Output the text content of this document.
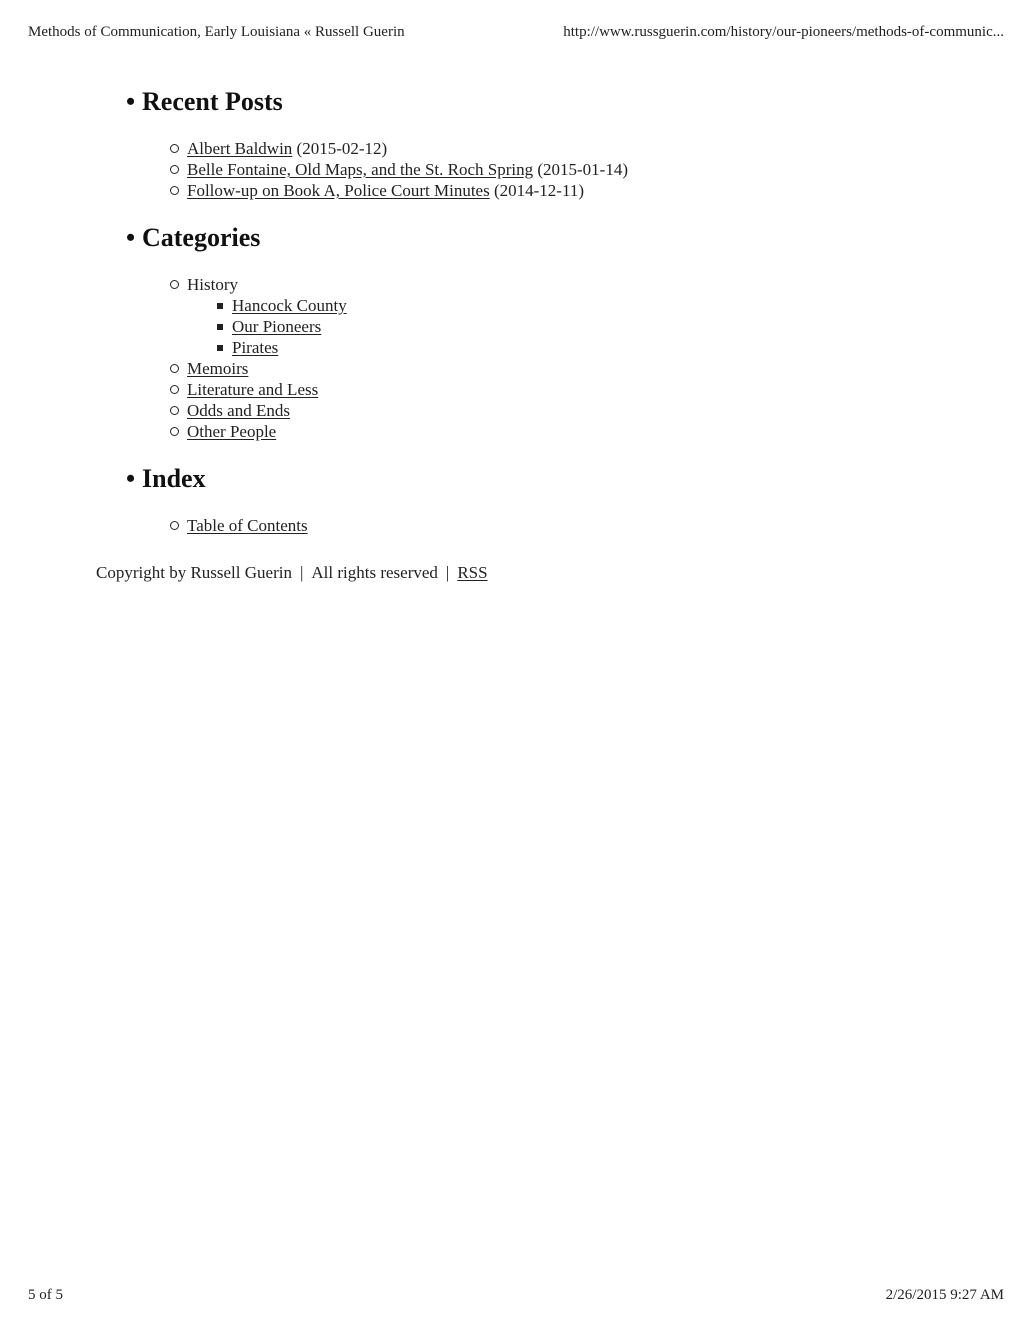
Methods of Communication, Early Louisiana « Russell Guerin	http://www.russguerin.com/history/our-pioneers/methods-of-communic...
• Recent Posts
Albert Baldwin (2015-02-12)
Belle Fontaine, Old Maps, and the St. Roch Spring (2015-01-14)
Follow-up on Book A, Police Court Minutes (2014-12-11)
• Categories
History
Hancock County
Our Pioneers
Pirates
Memoirs
Literature and Less
Odds and Ends
Other People
• Index
Table of Contents
Copyright by Russell Guerin | All rights reserved | RSS
5 of 5	2/26/2015 9:27 AM
